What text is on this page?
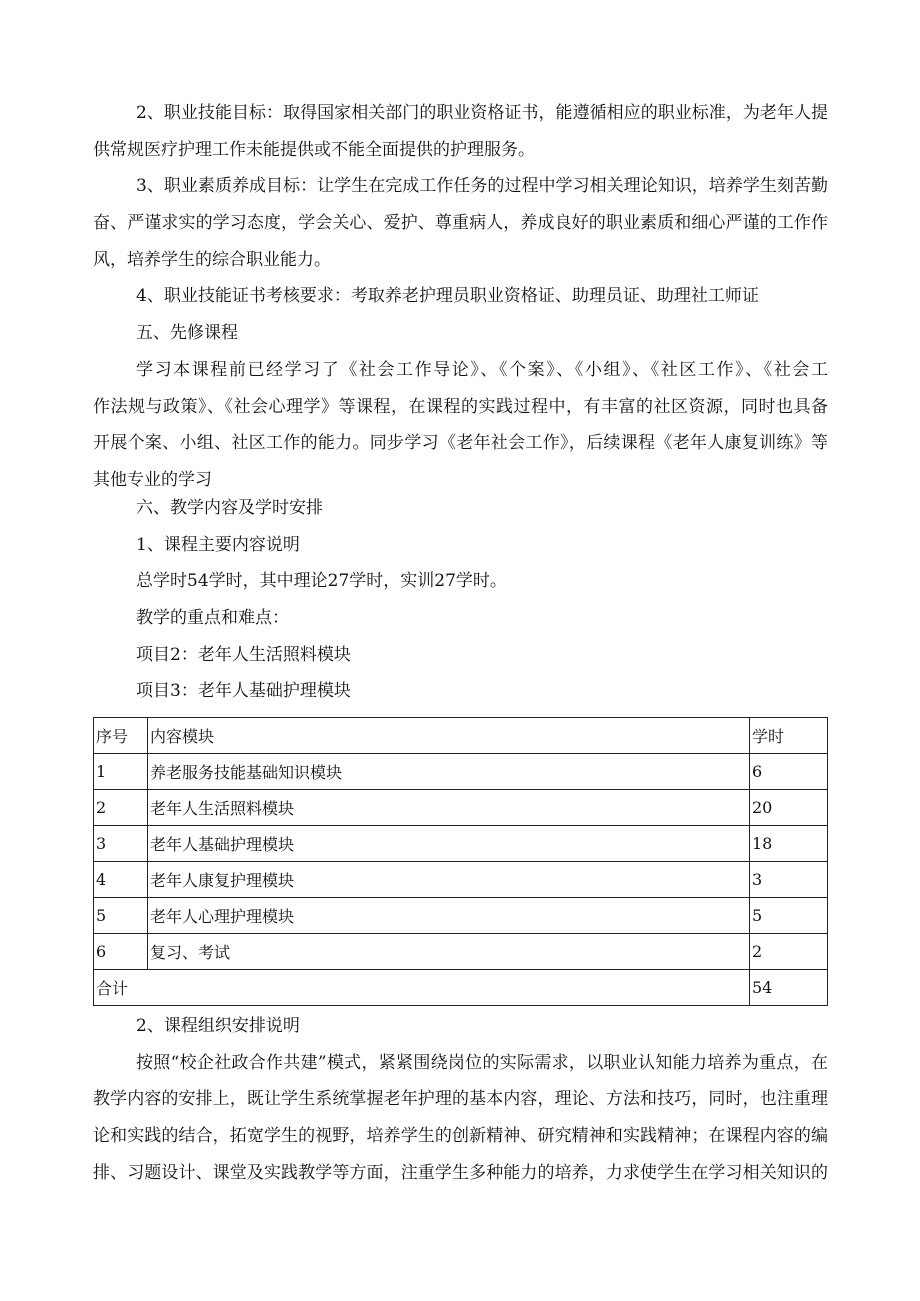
2、职业技能目标：取得国家相关部门的职业资格证书，能遵循相应的职业标准，为老年人提
供常规医疗护理工作未能提供或不能全面提供的护理服务。
3、职业素质养成目标：让学生在完成工作任务的过程中学习相关理论知识，培养学生刻苦勤
奋、严谨求实的学习态度，学会关心、爱护、尊重病人，养成良好的职业素质和细心严谨的工作作
风，培养学生的综合职业能力。
4、职业技能证书考核要求：考取养老护理员职业资格证、助理员证、助理社工师证
五、先修课程
学习本课程前已经学习了《社会工作导论》、《个案》、《小组》、《社区工作》、《社会工
作法规与政策》、《社会心理学》等课程，在课程的实践过程中，有丰富的社区资源，同时也具备
开展个案、小组、社区工作的能力。同步学习《老年社会工作》，后续课程《老年人康复训练》等
其他专业的学习
六、教学内容及学时安排
1、课程主要内容说明
总学时54学时，其中理论27学时，实训27学时。
教学的重点和难点：
项目2：老年人生活照料模块
项目3：老年人基础护理模块
序号	内容模块	学时
1	养老服务技能基础知识模块	6
2	老年人生活照料模块	20
3	老年人基础护理模块	18
4	老年人康复护理模块	3
5	老年人心理护理模块	5
6	复习、考试	2
合计		54
2、课程组织安排说明
按照“校企社政合作共建”模式，紧紧围绕岗位的实际需求，以职业认知能力培养为重点，在
教学内容的安排上，既让学生系统掌握老年护理的基本内容，理论、方法和技巧，同时，也注重理
论和实践的结合，拓宽学生的视野，培养学生的创新精神、研究精神和实践精神；在课程内容的编
排、习题设计、课堂及实践教学等方面，注重学生多种能力的培养，力求使学生在学习相关知识的
